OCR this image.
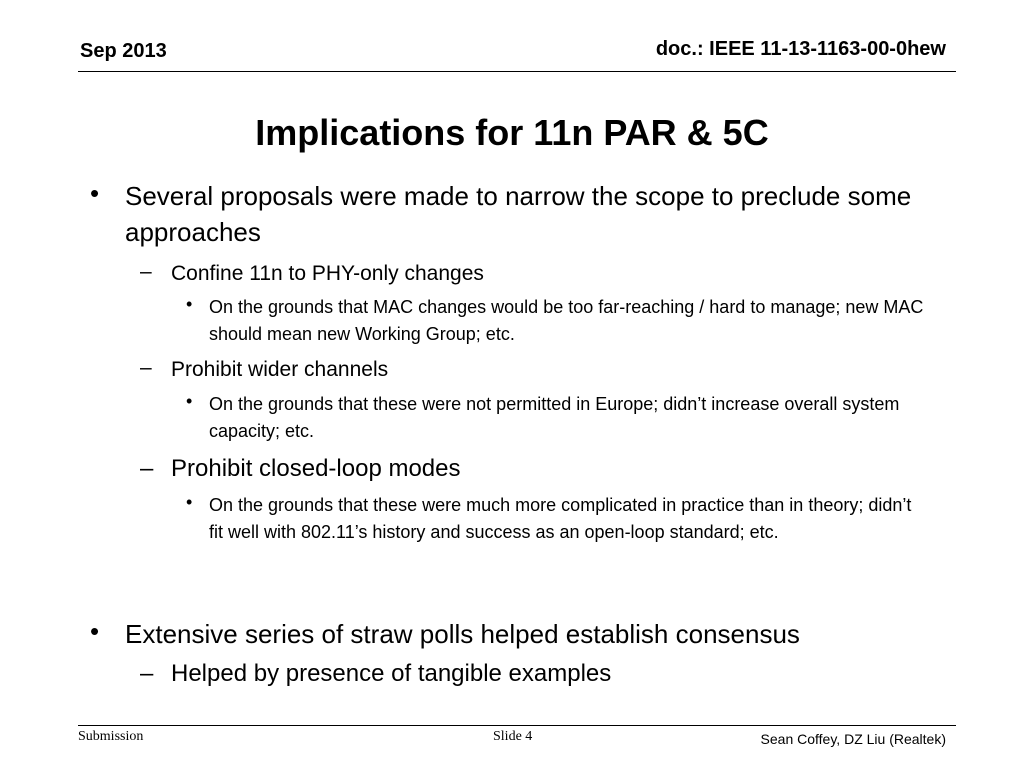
Sep 2013	doc.: IEEE 11-13-1163-00-0hew
Implications for 11n PAR & 5C
• Several proposals were made to narrow the scope to preclude some approaches
– Confine 11n to PHY-only changes
• On the grounds that MAC changes would be too far-reaching / hard to manage; new MAC should mean new Working Group; etc.
– Prohibit wider channels
• On the grounds that these were not permitted in Europe; didn’t increase overall system capacity; etc.
– Prohibit closed-loop modes
• On the grounds that these were much more complicated in practice than in theory; didn’t fit well with 802.11’s history and success as an open-loop standard; etc.
• Extensive series of straw polls helped establish consensus
– Helped by presence of tangible examples
Submission	Slide 4	Sean Coffey, DZ Liu (Realtek)
